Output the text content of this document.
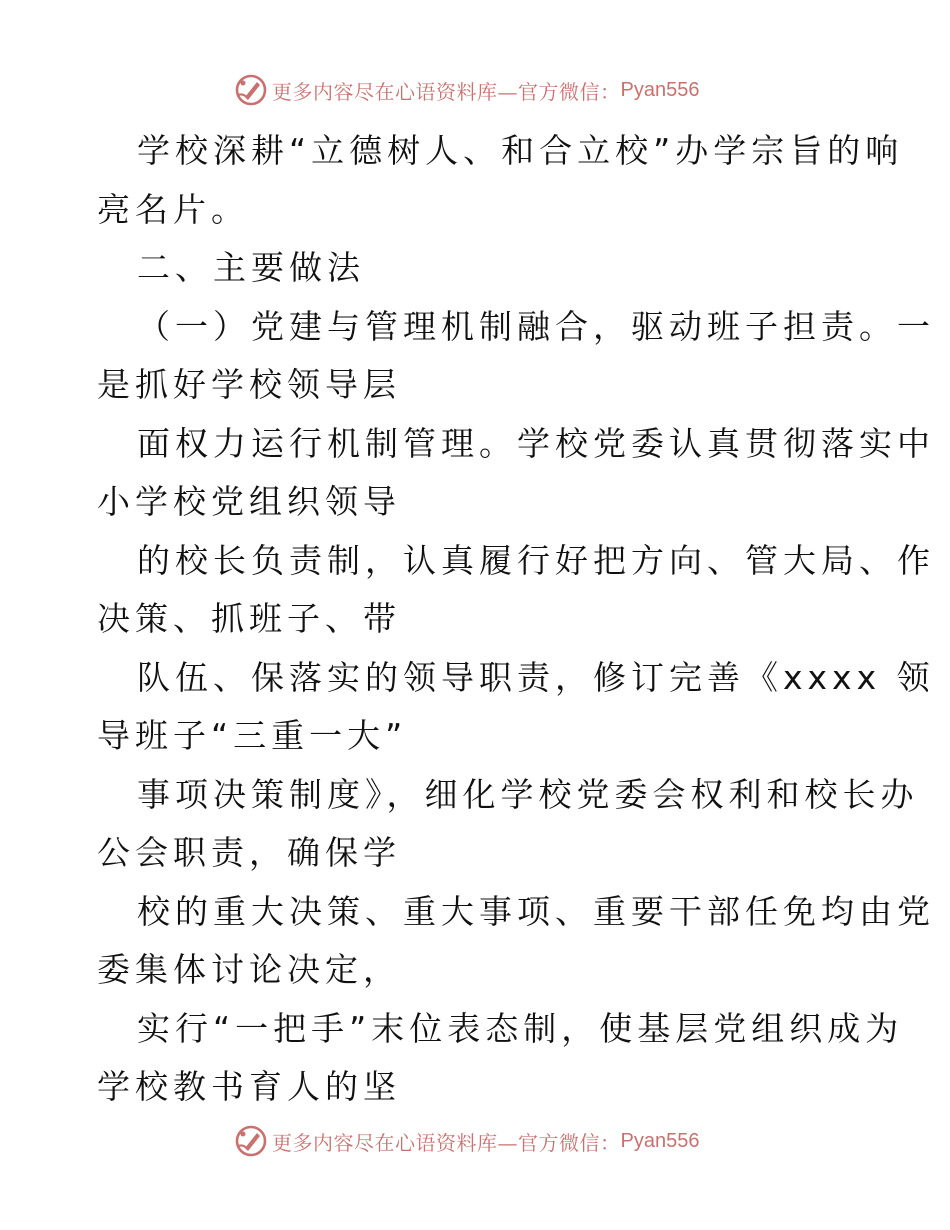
更多内容尽在心语资料库—官方微信： Pyan556
学校深耕“立德树人、和合立校”办学宗旨的响
亮名片。
二、主要做法
（一）党建与管理机制融合，驱动班子担责。一
是抓好学校领导层
面权力运行机制管理。学校党委认真贯彻落实中
小学校党组织领导
的校长负责制，认真履行好把方向、管大局、作
决策、抓班子、带
队伍、保落实的领导职责，修订完善《xxxx 领
导班子“三重一大”
事项决策制度》，细化学校党委会权利和校长办
公会职责，确保学
校的重大决策、重大事项、重要干部任免均由党
委集体讨论决定，
实行“一把手”末位表态制，使基层党组织成为
学校教书育人的坚
更多内容尽在心语资料库—官方微信： Pyan556
